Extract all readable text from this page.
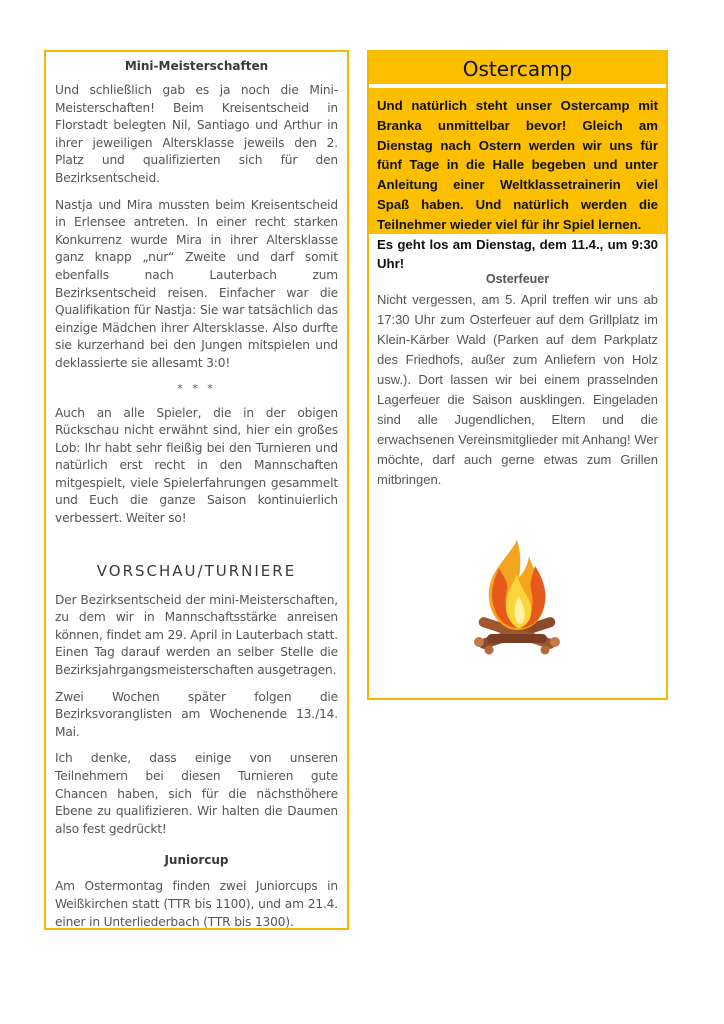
Mini-Meisterschaften

Und schließlich gab es ja noch die Mini-Meisterschaften! Beim Kreisentscheid in Florstadt belegten Nil, Santiago und Arthur in ihrer jeweiligen Altersklasse jeweils den 2. Platz und qualifizierten sich für den Bezirksentscheid.

Nastja und Mira mussten beim Kreisentscheid in Erlensee antreten. In einer recht starken Konkurrenz wurde Mira in ihrer Altersklasse ganz knapp „nur“ Zweite und darf somit ebenfalls nach Lauterbach zum Bezirksentscheid reisen. Einfacher war die Qualifikation für Nastja: Sie war tatsächlich das einzige Mädchen ihrer Altersklasse. Also durfte sie kurzerhand bei den Jungen mitspielen und deklassierte sie allesamt 3:0!

* * *

Auch an alle Spieler, die in der obigen Rückschau nicht erwähnt sind, hier ein großes Lob: Ihr habt sehr fleißig bei den Turnieren und natürlich erst recht in den Mannschaften mitgespielt, viele Spielerfahrungen gesammelt und Euch die ganze Saison kontinuierlich verbessert. Weiter so!

VORSCHAU/TURNIERE

Der Bezirksentscheid der mini-Meisterschaften, zu dem wir in Mannschaftsstärke anreisen können, findet am 29. April in Lauterbach statt. Einen Tag darauf werden an selber Stelle die Bezirksjahrgangsmeisterschaften ausgetragen.

Zwei Wochen später folgen die Bezirksvoranglisten am Wochenende 13./14. Mai.

Ich denke, dass einige von unseren Teilnehmern bei diesen Turnieren gute Chancen haben, sich für die nächsthöhere Ebene zu qualifizieren. Wir halten die Daumen also fest gedrückt!

Juniorcup

Am Ostermontag finden zwei Juniorcups in Weißkirchen statt (TTR bis 1100), und am 21.4. einer in Unterliederbach (TTR bis 1300).

Ostercamp

Und natürlich steht unser Ostercamp mit Branka unmittelbar bevor! Gleich am Dienstag nach Ostern werden wir uns für fünf Tage in die Halle begeben und unter Anleitung einer Weltklassetrainerin viel Spaß haben. Und natürlich werden die Teilnehmer wieder viel für ihr Spiel lernen.

Es geht los am Dienstag, dem 11.4., um 9:30 Uhr!

Osterfeuer
Nicht vergessen, am 5. April treffen wir uns ab 17:30 Uhr zum Osterfeuer auf dem Grillplatz im Klein-Kärber Wald (Parken auf dem Parkplatz des Friedhofs, außer zum Anliefern von Holz usw.). Dort lassen wir bei einem prasselnden Lagerfeuer die Saison ausklingen. Eingeladen sind alle Jugendlichen, Eltern und die erwachsenen Vereinsmitglieder mit Anhang! Wer möchte, darf auch gerne etwas zum Grillen mitbringen.
